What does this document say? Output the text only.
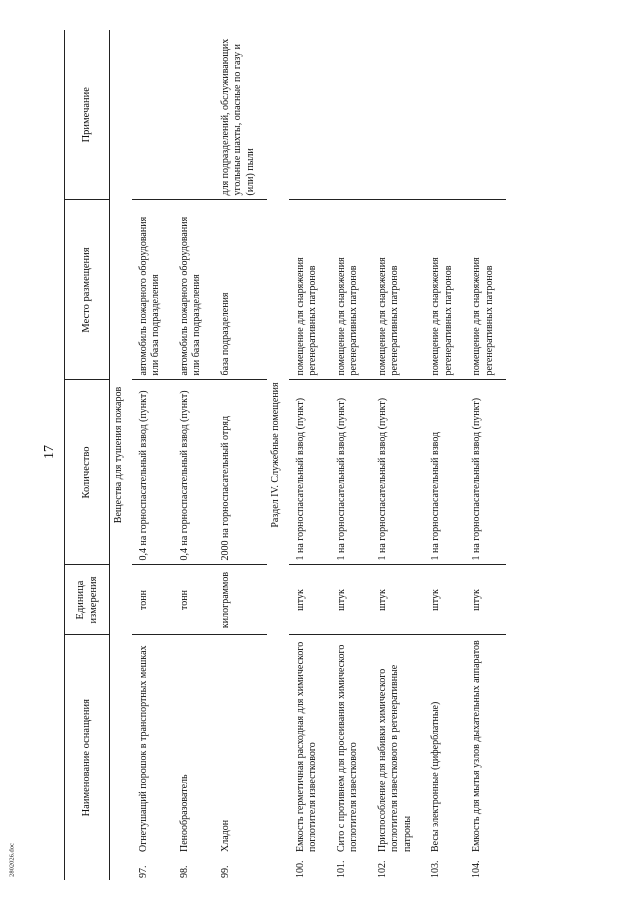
17
Наименование оснащения	Единица измерения	Количество	Место размещения	Примечание
Вещества для тушения пожаров				

97.
Огнетушащий порошок в транспортных мешках	тонн	0,4 на горноспасательный взвод (пункт)	автомобиль пожарного оборудования или база подразделения	

98.
Пенообразователь	тонн	0,4 на горноспасательный взвод (пункт)	автомобиль пожарного оборудования или база подразделения	

99.
Хладон	килограммов	2000 на горноспасательный отряд	база подразделения	для подразделений, обслуживающих угольные шахты, опасные по газу и (или) пыли
Раздел IV. Служебные помещения				

100.
Емкость герметичная расходная для химического поглотителя известкового	штук	1 на горноспасательный взвод (пункт)	помещение для снаряжения регенеративных патронов	

101.
Сито с противнем для просеивания химического поглотителя известкового	штук	1 на горноспасательный взвод (пункт)	помещение для снаряжения регенеративных патронов	

102.
Приспособление для набивки химического поглотителя известкового в регенеративные патроны	штук	1 на горноспасательный взвод (пункт)	помещение для снаряжения регенеративных патронов	

103.
Весы электронные (циферблатные)	штук	1 на горноспасательный взвод	помещение для снаряжения регенеративных патронов	

104.
Емкость для мытья узлов дыхательных аппаратов	штук	1 на горноспасательный взвод (пункт)	помещение для снаряжения регенеративных патронов	
2802026.doc
